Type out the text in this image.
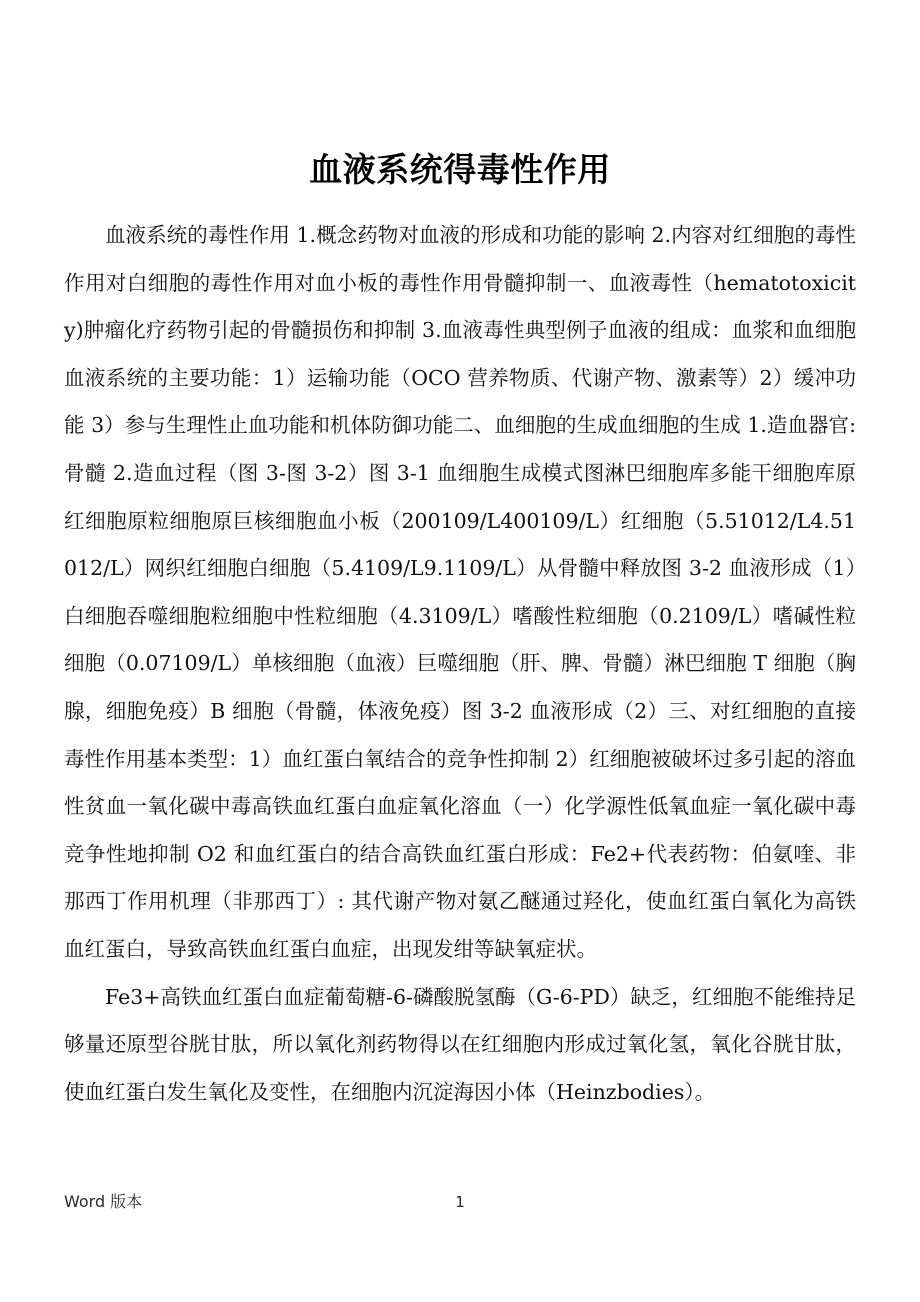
血液系统得毒性作用

血液系统的毒性作用 1.概念药物对血液的形成和功能的影响 2.内容对红细胞的毒性作用对白细胞的毒性作用对血小板的毒性作用骨髓抑制一、血液毒性（hematotoxicity)肿瘤化疗药物引起的骨髓损伤和抑制 3.血液毒性典型例子血液的组成：血浆和血细胞血液系统的主要功能：1）运输功能（OCO 营养物质、代谢产物、激素等）2）缓冲功能 3）参与生理性止血功能和机体防御功能二、血细胞的生成血细胞的生成 1.造血器官: 骨髓 2.造血过程（图 3-图 3-2）图 3-1 血细胞生成模式图淋巴细胞库多能干细胞库原红细胞原粒细胞原巨核细胞血小板（200109/L400109/L）红细胞（5.51012/L4.51012/L）网织红细胞白细胞（5.4109/L9.1109/L）从骨髓中释放图 3-2 血液形成（1）白细胞吞噬细胞粒细胞中性粒细胞（4.3109/L）嗜酸性粒细胞（0.2109/L）嗜碱性粒细胞（0.07109/L）单核细胞（血液）巨噬细胞（肝、脾、骨髓）淋巴细胞 T 细胞（胸腺，细胞免疫）B 细胞（骨髓，体液免疫）图 3-2 血液形成（2）三、对红细胞的直接毒性作用基本类型：1）血红蛋白氧结合的竞争性抑制 2）红细胞被破坏过多引起的溶血性贫血一氧化碳中毒高铁血红蛋白血症氧化溶血（一）化学源性低氧血症一氧化碳中毒竞争性地抑制 O2 和血红蛋白的结合高铁血红蛋白形成：Fe2+代表药物：伯氨喹、非那西丁作用机理（非那西丁）: 其代谢产物对氨乙醚通过羟化，使血红蛋白氧化为高铁血红蛋白，导致高铁血红蛋白血症，出现发绀等缺氧症状。

Fe3+高铁血红蛋白血症葡萄糖-6-磷酸脱氢酶（G-6-PD）缺乏，红细胞不能维持足够量还原型谷胱甘肽，所以氧化剂药物得以在红细胞内形成过氧化氢，氧化谷胱甘肽，使血红蛋白发生氧化及变性，在细胞内沉淀海因小体（Heinzbodies）。

Word 版本	1
